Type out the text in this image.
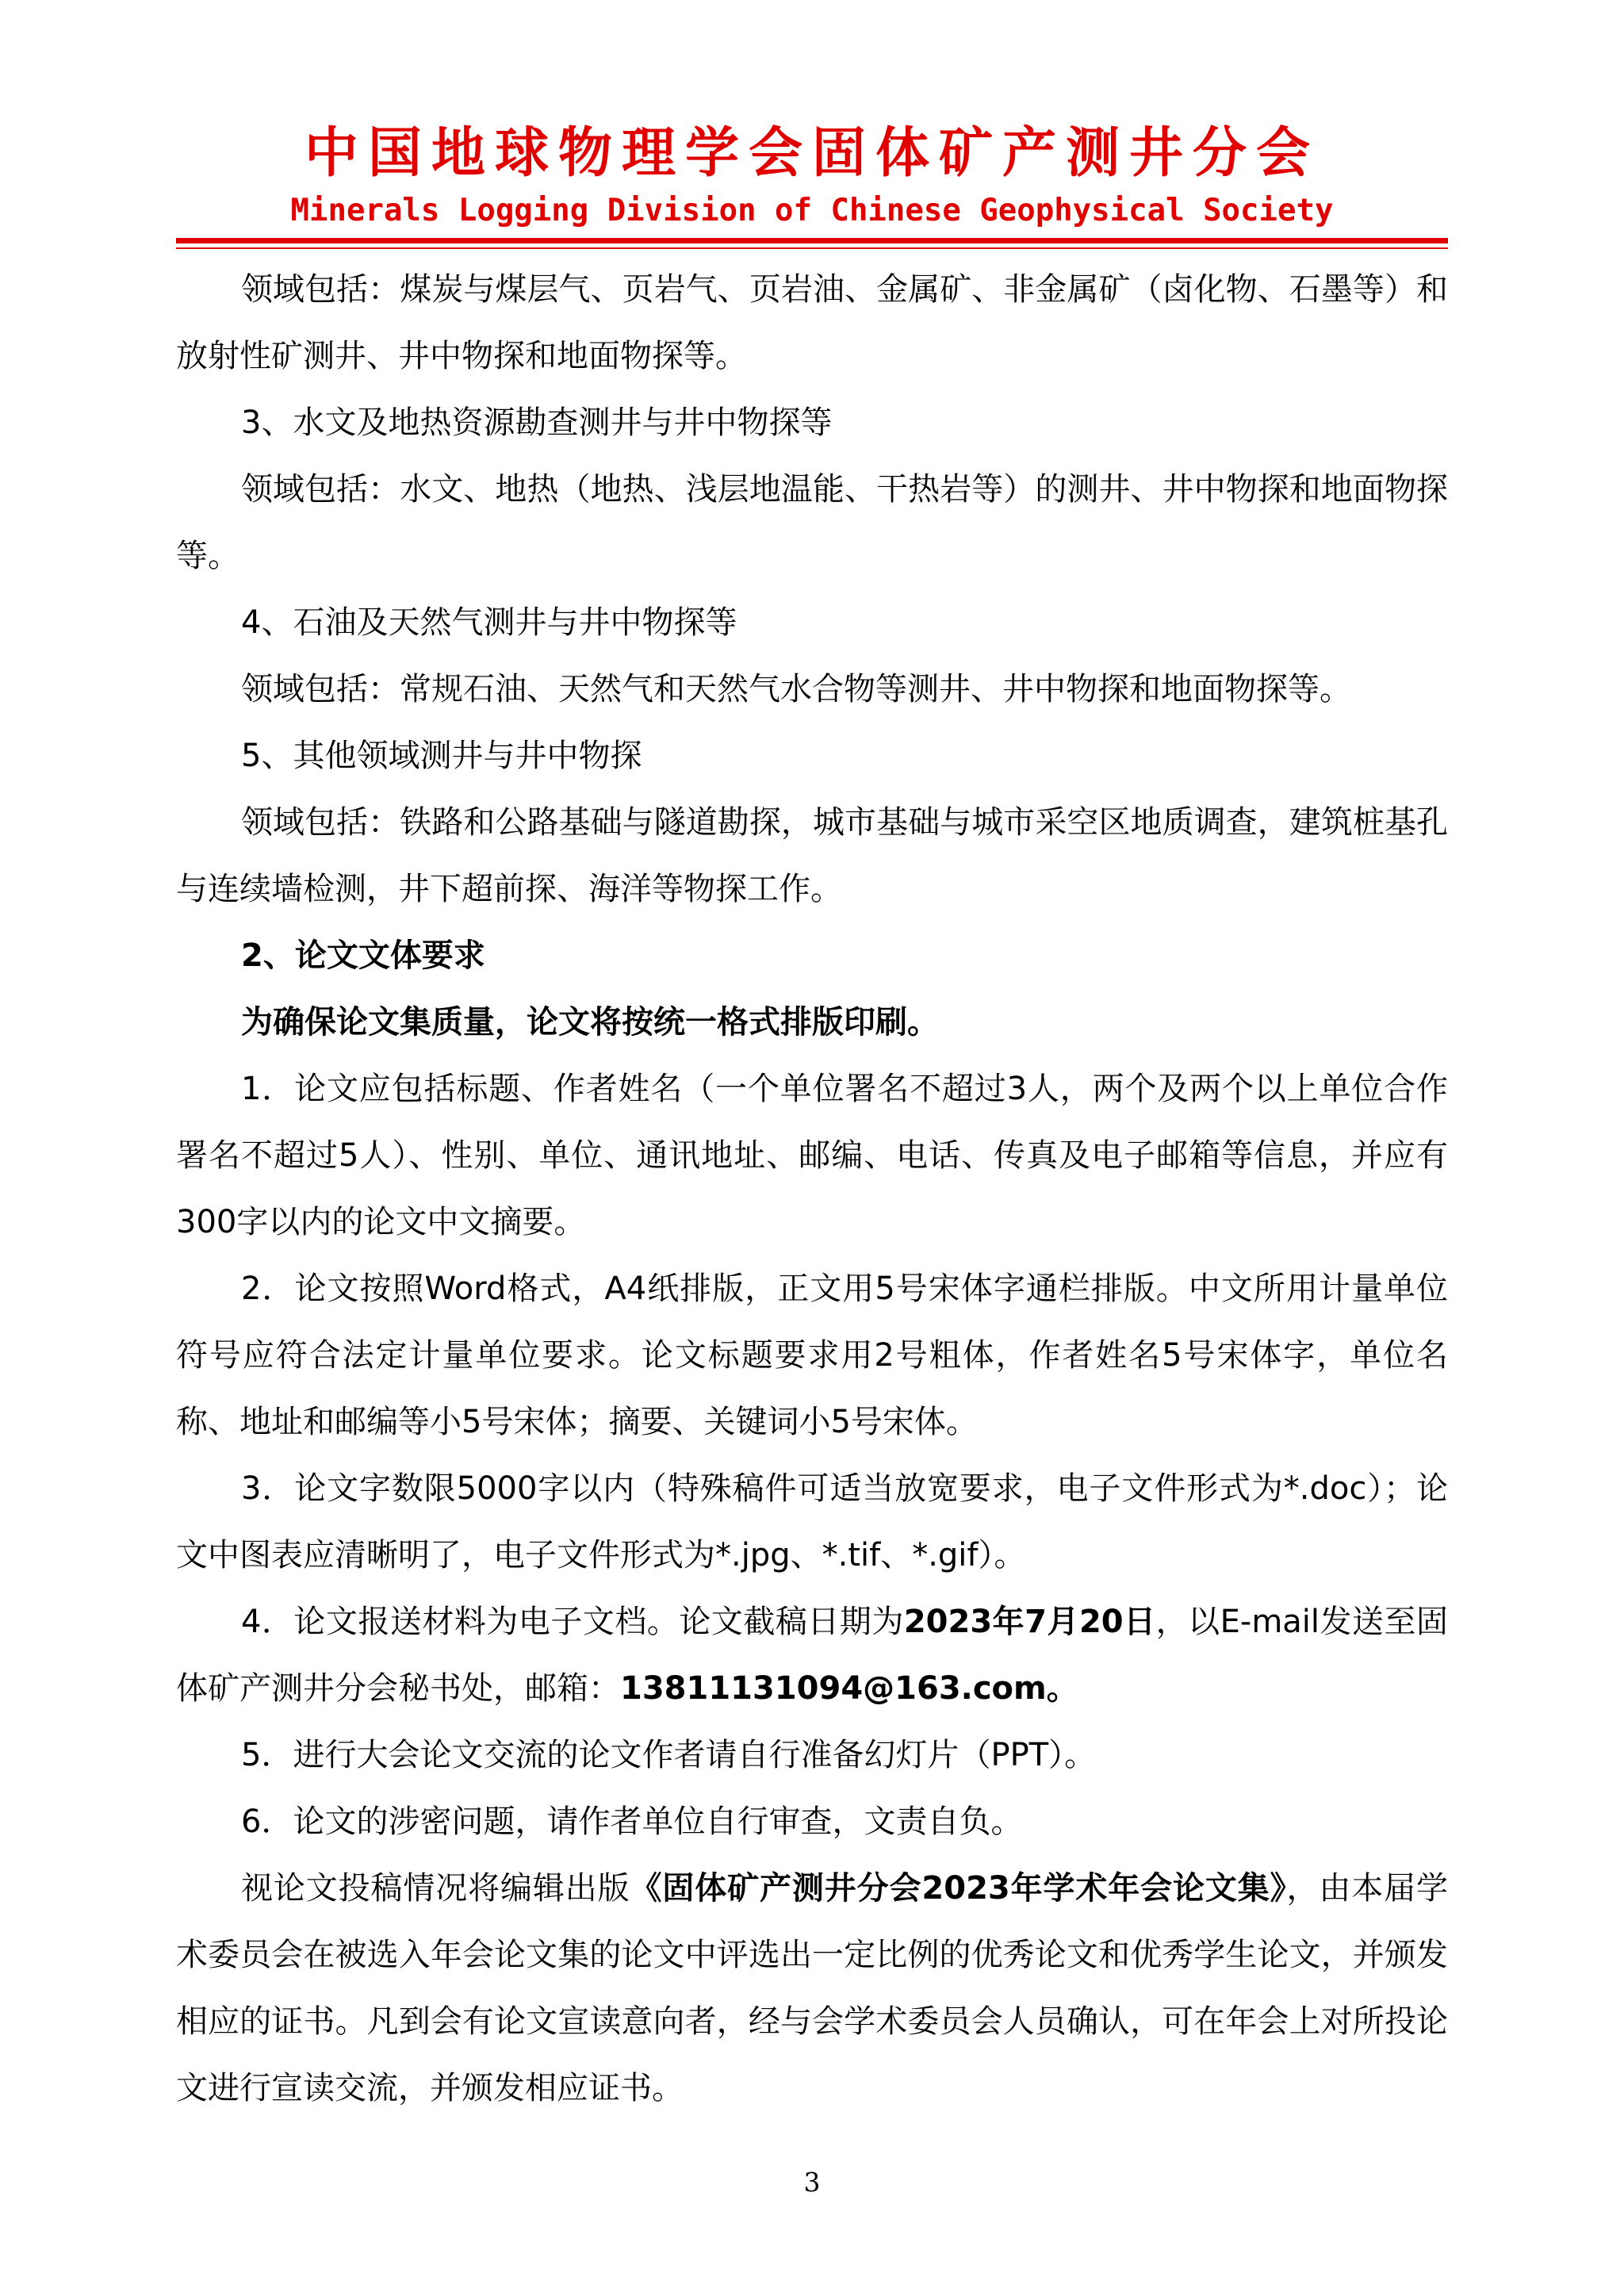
中国地球物理学会固体矿产测井分会
Minerals Logging Division of Chinese Geophysical Society

领域包括：煤炭与煤层气、页岩气、页岩油、金属矿、非金属矿（卤化物、石墨等）和放射性矿测井、井中物探和地面物探等。

3、水文及地热资源勘查测井与井中物探等

领域包括：水文、地热（地热、浅层地温能、干热岩等）的测井、井中物探和地面物探等。

4、石油及天然气测井与井中物探等

领域包括：常规石油、天然气和天然气水合物等测井、井中物探和地面物探等。

5、其他领域测井与井中物探

领域包括：铁路和公路基础与隧道勘探，城市基础与城市采空区地质调查，建筑桩基孔与连续墙检测，井下超前探、海洋等物探工作。

2、论文文体要求

为确保论文集质量，论文将按统一格式排版印刷。

1．论文应包括标题、作者姓名（一个单位署名不超过3人，两个及两个以上单位合作署名不超过5人）、性别、单位、通讯地址、邮编、电话、传真及电子邮箱等信息，并应有300字以内的论文中文摘要。

2．论文按照Word格式，A4纸排版，正文用5号宋体字通栏排版。中文所用计量单位符号应符合法定计量单位要求。论文标题要求用2号粗体，作者姓名5号宋体字，单位名称、地址和邮编等小5号宋体；摘要、关键词小5号宋体。

3．论文字数限5000字以内（特殊稿件可适当放宽要求，电子文件形式为*.doc）；论文中图表应清晰明了，电子文件形式为*.jpg、*.tif、*.gif）。

4．论文报送材料为电子文档。论文截稿日期为2023年7月20日，以E-mail发送至固体矿产测井分会秘书处，邮箱：13811131094@163.com。

5．进行大会论文交流的论文作者请自行准备幻灯片（PPT）。

6．论文的涉密问题，请作者单位自行审查，文责自负。

视论文投稿情况将编辑出版《固体矿产测井分会2023年学术年会论文集》，由本届学术委员会在被选入年会论文集的论文中评选出一定比例的优秀论文和优秀学生论文，并颁发相应的证书。凡到会有论文宣读意向者，经与会学术委员会人员确认，可在年会上对所投论文进行宣读交流，并颁发相应证书。

3
